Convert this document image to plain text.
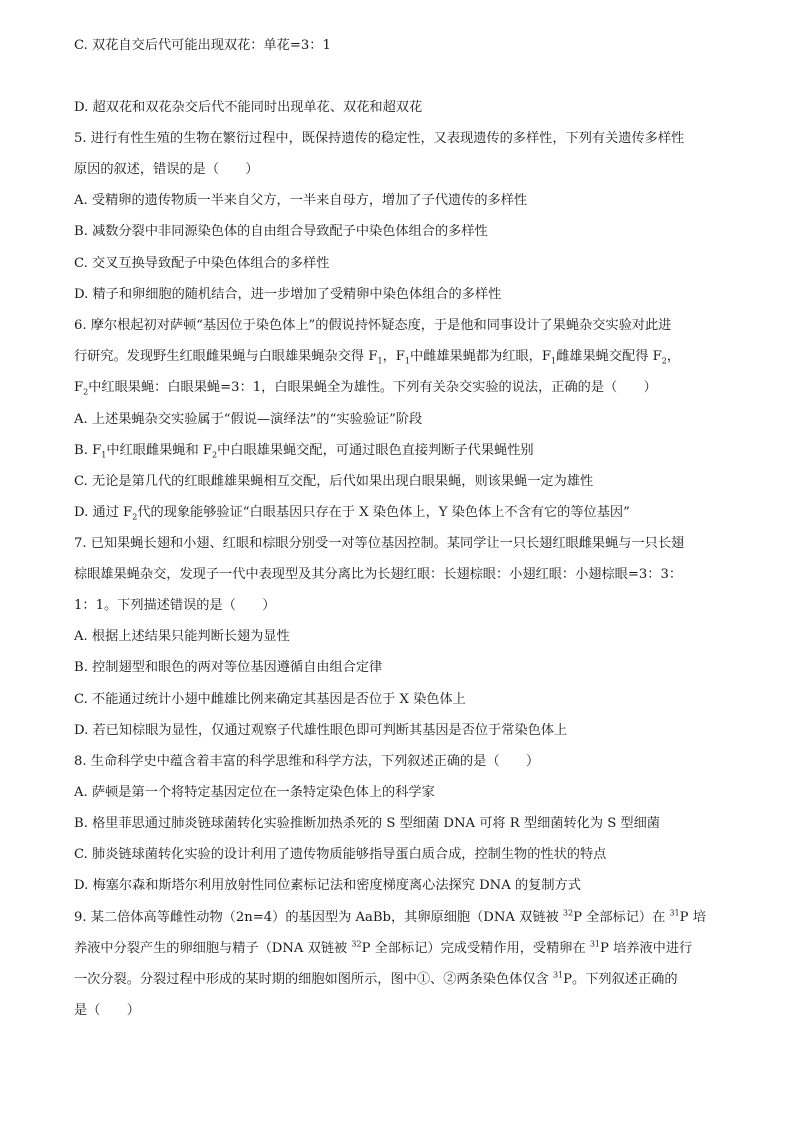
C. 双花自交后代可能出现双花：单花=3：1
D. 超双花和双花杂交后代不能同时出现单花、双花和超双花
5. 进行有性生殖的生物在繁衍过程中，既保持遗传的稳定性，又表现遗传的多样性，下列有关遗传多样性
原因的叙述，错误的是（　　）
A. 受精卵的遗传物质一半来自父方，一半来自母方，增加了子代遗传的多样性
B. 减数分裂中非同源染色体的自由组合导致配子中染色体组合的多样性
C. 交叉互换导致配子中染色体组合的多样性
D. 精子和卵细胞的随机结合，进一步增加了受精卵中染色体组合的多样性
6. 摩尔根起初对萨顿“基因位于染色体上”的假说持怀疑态度，于是他和同事设计了果蝇杂交实验对此进
行研究。发现野生红眼雌果蝇与白眼雄果蝇杂交得 $F_1$，$F_1$中雌雄果蝇都为红眼，$F_1$雌雄果蝇交配得 $F_2$，
$F_2$中红眼果蝇：白眼果蝇=3：1，白眼果蝇全为雄性。下列有关杂交实验的说法，正确的是（　　）
A. 上述果蝇杂交实验属于“假说—演绎法”的“实验验证”阶段
B. $F_1$中红眼雌果蝇和 $F_2$中白眼雄果蝇交配，可通过眼色直接判断子代果蝇性别
C. 无论是第几代的红眼雌雄果蝇相互交配，后代如果出现白眼果蝇，则该果蝇一定为雄性
D. 通过 $F_2$代的现象能够验证“白眼基因只存在于 X 染色体上，Y 染色体上不含有它的等位基因”
7. 已知果蝇长翅和小翅、红眼和棕眼分别受一对等位基因控制。某同学让一只长翅红眼雌果蝇与一只长翅
棕眼雄果蝇杂交，发现子一代中表现型及其分离比为长翅红眼：长翅棕眼：小翅红眼：小翅棕眼=3：3：
1：1。下列描述错误的是（　　）
A. 根据上述结果只能判断长翅为显性
B. 控制翅型和眼色的两对等位基因遵循自由组合定律
C. 不能通过统计小翅中雌雄比例来确定其基因是否位于 X 染色体上
D. 若已知棕眼为显性，仅通过观察子代雄性眼色即可判断其基因是否位于常染色体上
8. 生命科学史中蕴含着丰富的科学思维和科学方法，下列叙述正确的是（　　）
A. 萨顿是第一个将特定基因定位在一条特定染色体上的科学家
B. 格里菲思通过肺炎链球菌转化实验推断加热杀死的 S 型细菌 DNA 可将 R 型细菌转化为 S 型细菌
C. 肺炎链球菌转化实验的设计利用了遗传物质能够指导蛋白质合成，控制生物的性状的特点
D. 梅塞尔森和斯塔尔利用放射性同位素标记法和密度梯度离心法探究 DNA 的复制方式
9. 某二倍体高等雌性动物（2n=4）的基因型为 AaBb，其卵原细胞（DNA 双链被 $^{32}$P 全部标记）在 $^{31}$P 培
养液中分裂产生的卵细胞与精子（DNA 双链被 $^{32}$P 全部标记）完成受精作用，受精卵在 $^{31}$P 培养液中进行
一次分裂。分裂过程中形成的某时期的细胞如图所示，图中①、②两条染色体仅含 $^{31}$P。下列叙述正确的
是（　　）
